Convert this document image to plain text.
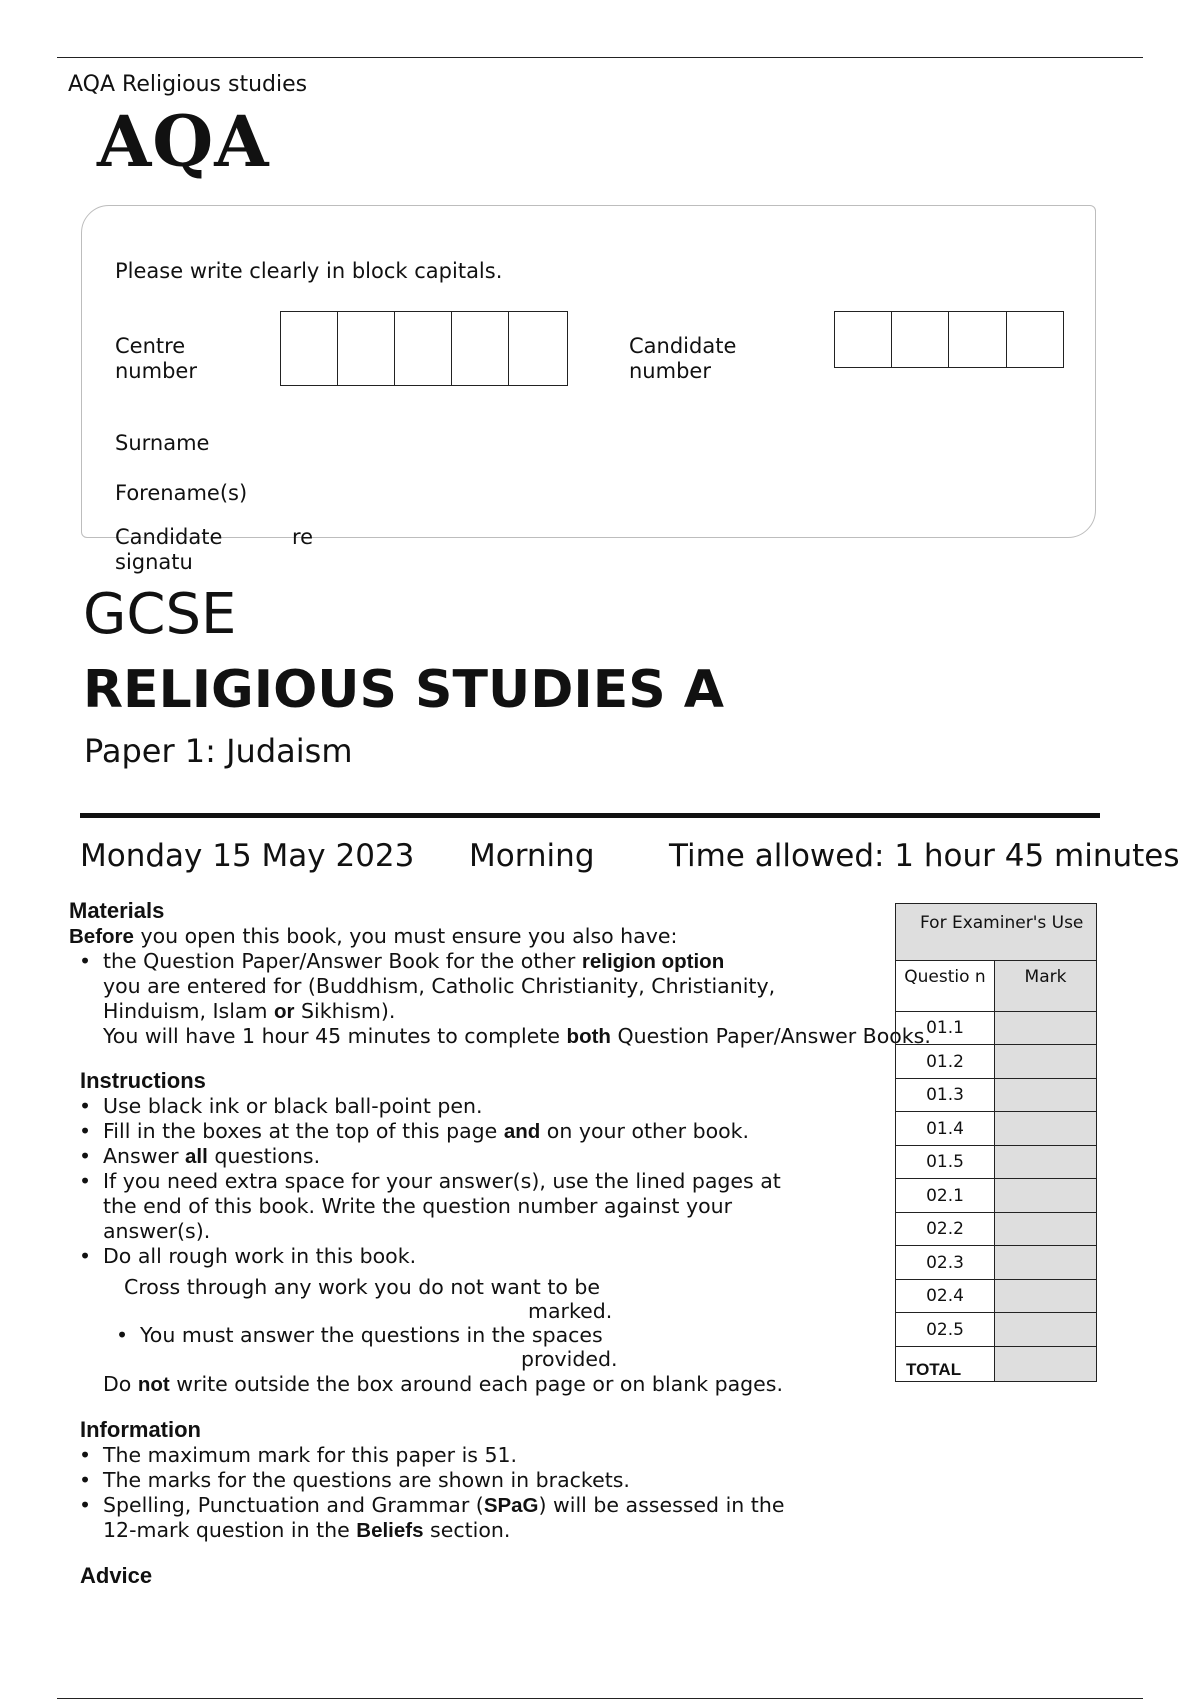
AQA Religious studies
AQA
Please write clearly in block capitals.
Centre number
Candidate number
Surname
Forename(s)
Candidate signatu
re
GCSE
RELIGIOUS STUDIES A
Paper 1: Judaism
Monday 15 May 2023 Morning Time allowed: 1 hour 45 minutes
Materials
Before you open this book, you must ensure you also have:
• the Question Paper/Answer Book for the other religion option
you are entered for (Buddhism, Catholic Christianity, Christianity,
Hinduism, Islam or Sikhism).
You will have 1 hour 45 minutes to complete both Question Paper/Answer Books.
Instructions
• Use black ink or black ball-point pen.
• Fill in the boxes at the top of this page and on your other book.
• Answer all questions.
• If you need extra space for your answer(s), use the lined pages at
the end of this book. Write the question number against your
answer(s).
• Do all rough work in this book.
Cross through any work you do not want to be
marked.
• You must answer the questions in the spaces
provided.
Do not write outside the box around each page or on blank pages.
Information
• The maximum mark for this paper is 51.
• The marks for the questions are shown in brackets.
• Spelling, Punctuation and Grammar (SPaG) will be assessed in the
12-mark question in the Beliefs section.
Advice
For Examiner's Use	
Questio n	Mark
01.1	
01.2	
01.3	
01.4	
01.5	
02.1	
02.2	
02.3	
02.4	
02.5	
TOTAL	
